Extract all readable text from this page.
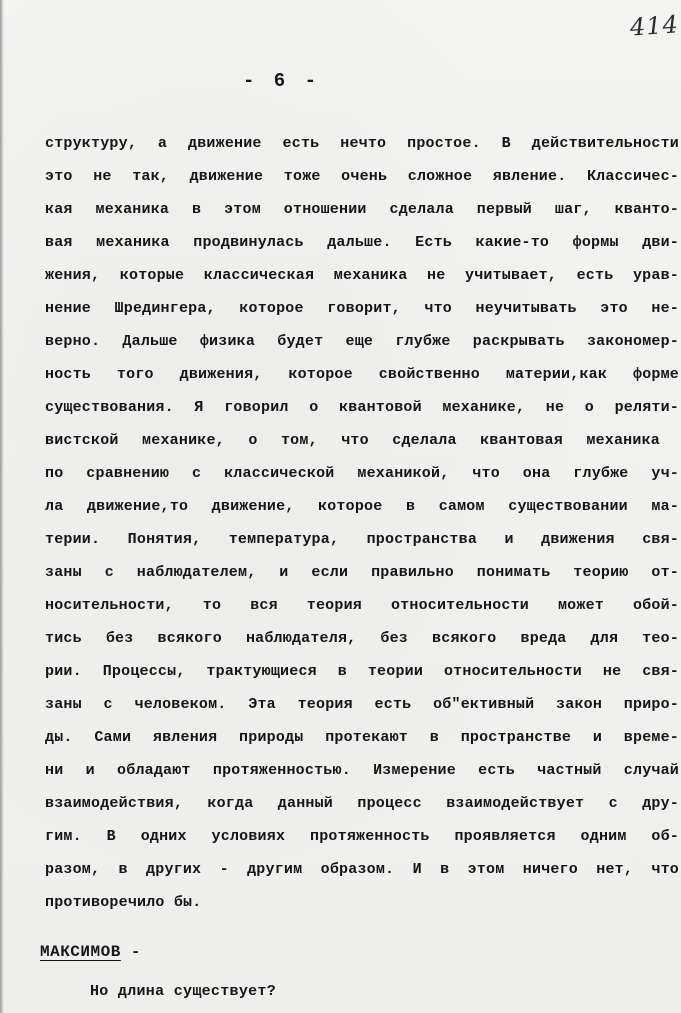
414
- 6 -
структуру, а движение есть нечто простое. В действительности
это не так, движение тоже очень сложное явление. Классичес-
кая механика в этом отношении сделала первый шаг, кванто-
вая механика продвинулась дальше. Есть какие-то формы дви-
жения, которые классическая механика не учитывает, есть урав-
нение Шредингера, которое говорит, что неучитывать это не-
верно. Дальше физика будет еще глубже раскрывать закономер-
ность того движения, которое свойственно материи,как форме
существования. Я говорил о квантовой механике, не о реляти-
вистской механике, о том, что сделала квантовая механика
по сравнению с классической механикой, что она глубже уч-
ла движение,то движение, которое в самом существовании ма-
терии. Понятия, температура, пространства и движения свя-
заны с наблюдателем, и если правильно понимать теорию от-
носительности, то вся теория относительности может обой-
тись без всякого наблюдателя, без всякого вреда для тео-
рии. Процессы, трактующиеся в теории относительности не свя-
заны с человеком. Эта теория есть об"ективный закон приро-
ды. Сами явления природы протекают в пространстве и време-
ни и обладают протяженностью. Измерение есть частный случай
взаимодействия, когда данный процесс взаимодействует с дру-
гим. В одних условиях протяженность проявляется одним об-
разом, в других - другим образом. И в этом ничего нет, что
противоречило бы.
МАКСИМОВ -
Но длина существует?
